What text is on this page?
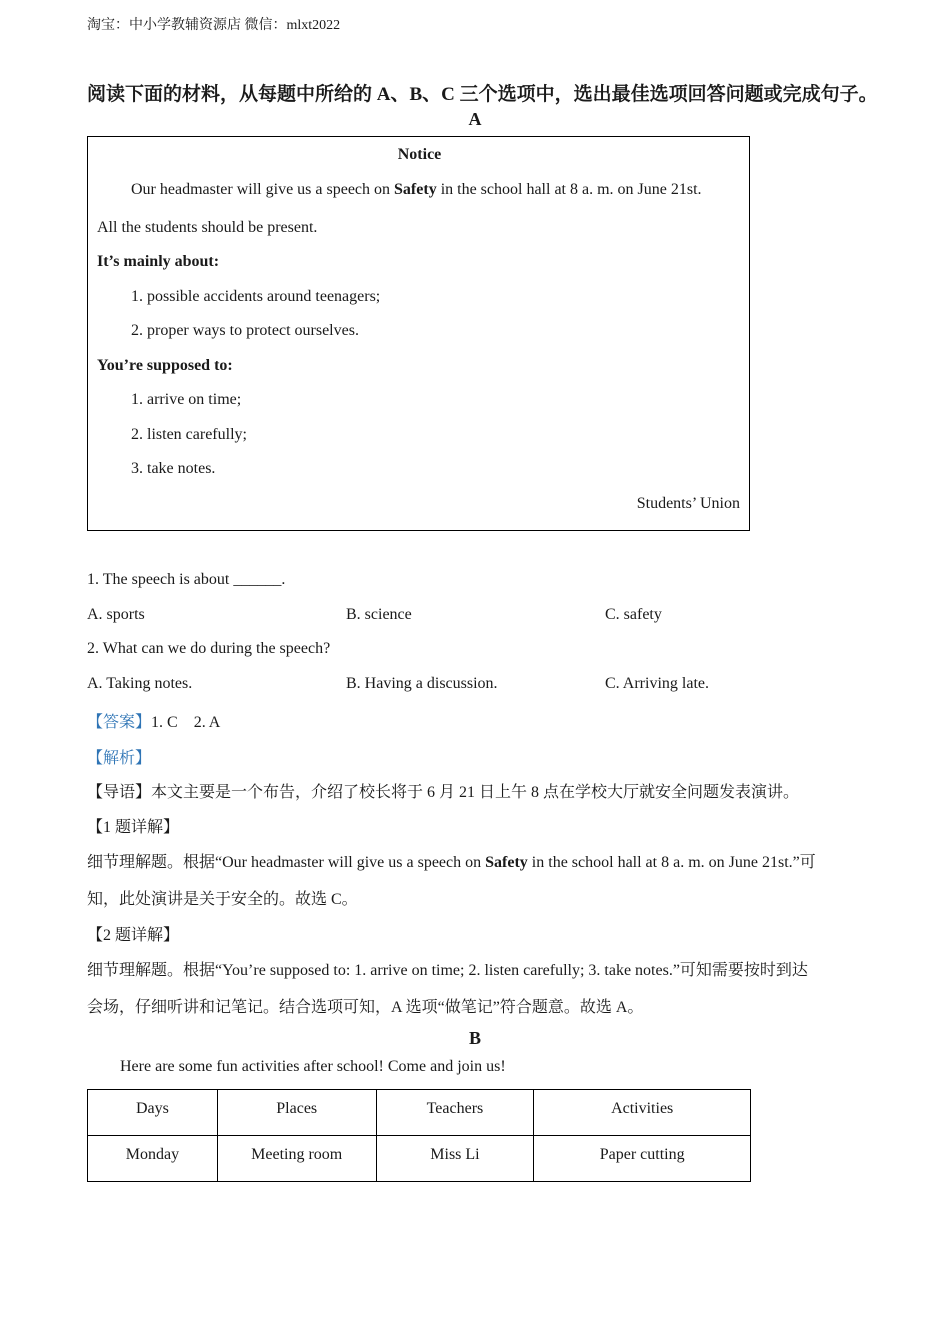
淘宝：中小学教辅资源店 微信：mlxt2022
阅读下面的材料，从每题中所给的 A、B、C 三个选项中，选出最佳选项回答问题或完成句子。
A
Notice
Our headmaster will give us a speech on Safety in the school hall at 8 a. m. on June 21st.
All the students should be present.
It’s mainly about:
1. possible accidents around teenagers;
2. proper ways to protect ourselves.
You’re supposed to:
1. arrive on time;
2. listen carefully;
3. take notes.
Students’ Union
1. The speech is about ______.
A. sports	B. science	C. safety
2. What can we do during the speech?
A. Taking notes.	B. Having a discussion.	C. Arriving late.
【答案】1. C    2. A
【解析】
【导语】本文主要是一个布告，介绍了校长将于 6 月 21 日上午 8 点在学校大厅就安全问题发表演讲。
【1 题详解】
细节理解题。根据“Our headmaster will give us a speech on Safety in the school hall at 8 a. m. on June 21st.”可
知，此处演讲是关于安全的。故选 C。
【2 题详解】
细节理解题。根据“You’re supposed to: 1. arrive on time; 2. listen carefully; 3. take notes.”可知需要按时到达
会场，仔细听讲和记笔记。结合选项可知，A 选项“做笔记”符合题意。故选 A。
B
Here are some fun activities after school! Come and join us!
Days	Places	Teachers	Activities
Monday	Meeting room	Miss Li	Paper cutting
